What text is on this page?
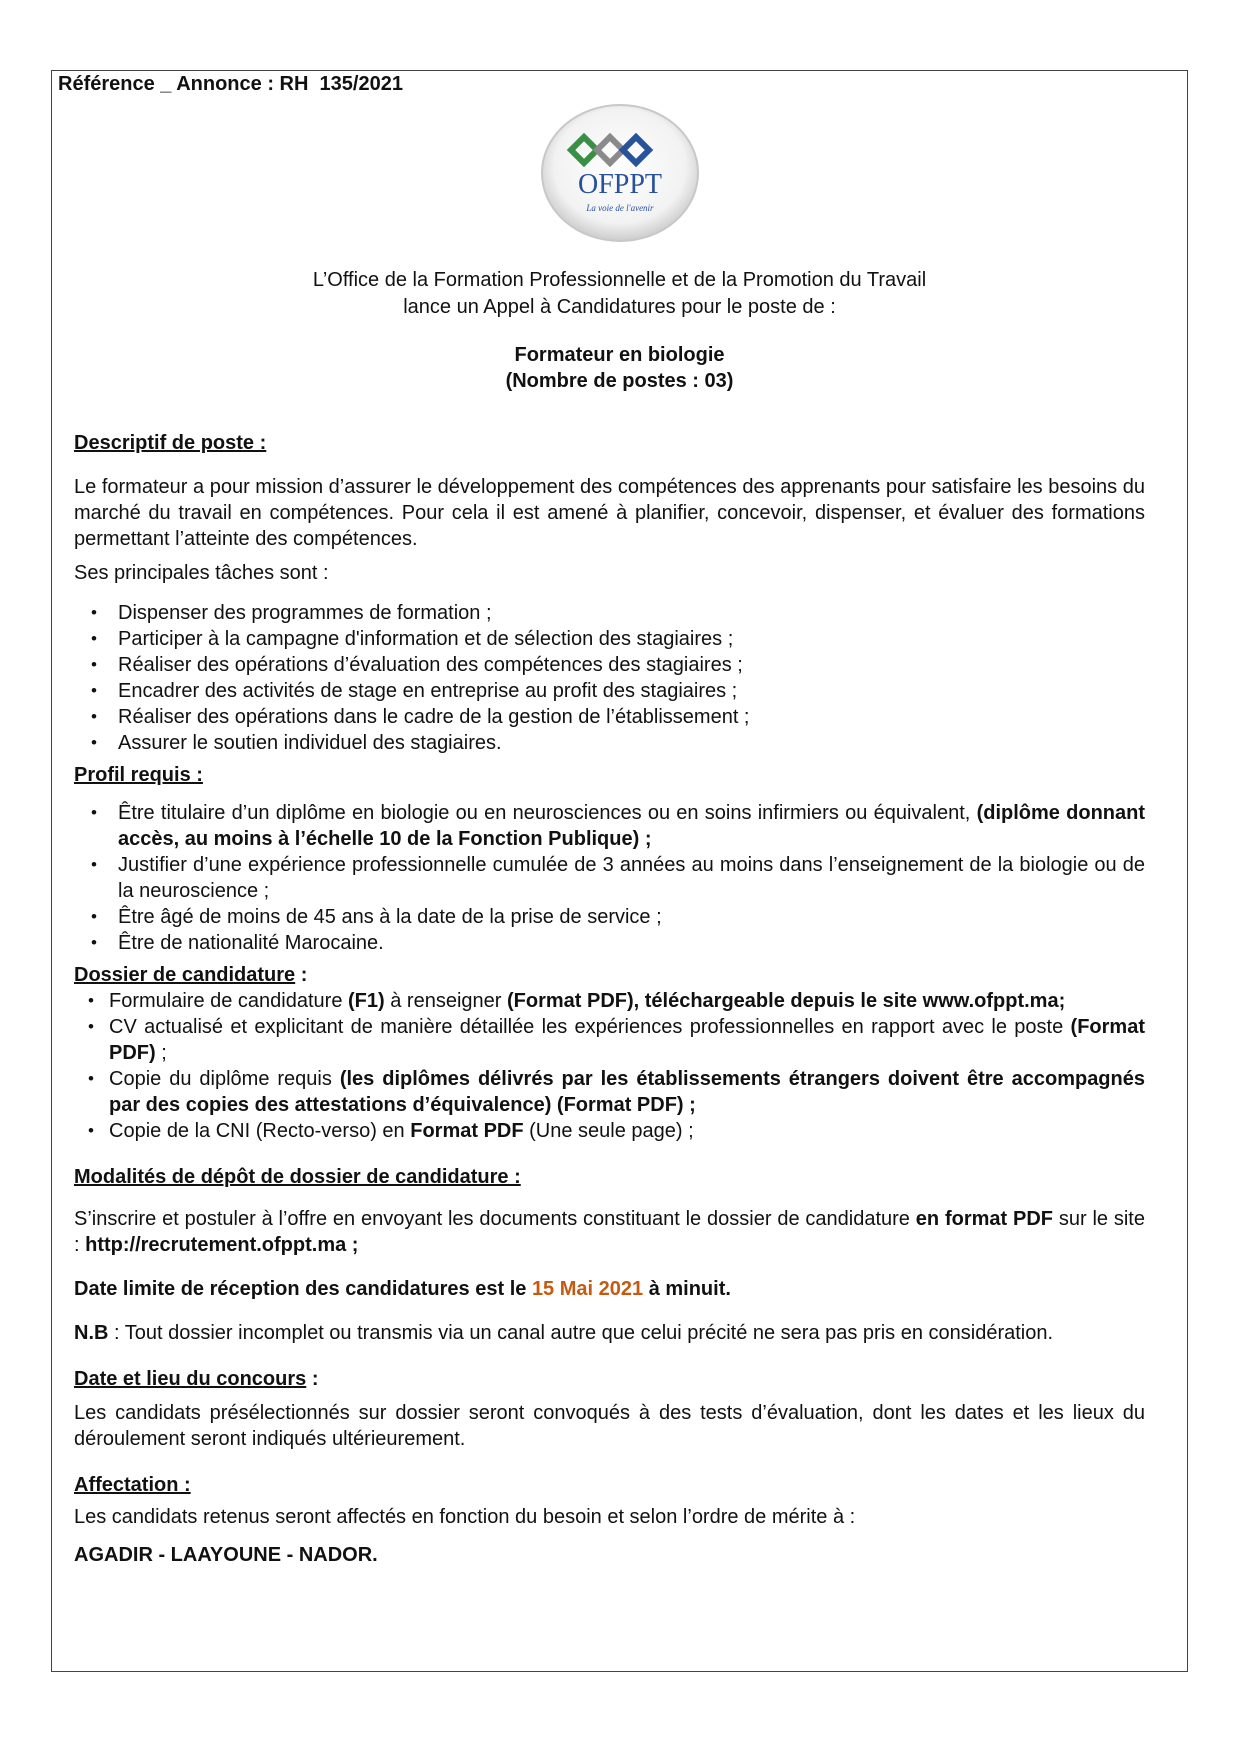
Référence _ Annonce : RH  135/2021
OFPPT
La voie de l'avenir
L’Office de la Formation Professionnelle et de la Promotion du Travail
lance un Appel à Candidatures pour le poste de :
Formateur en biologie
(Nombre de postes : 03)

Descriptif de poste :

Le formateur a pour mission d’assurer le développement des compétences des apprenants pour satisfaire les besoins du marché du travail en compétences. Pour cela il est amené à planifier, concevoir, dispenser, et évaluer des formations permettant l’atteinte des compétences.

Ses principales tâches sont :

• Dispenser des programmes de formation ;
• Participer à la campagne d'information et de sélection des stagiaires ;
• Réaliser des opérations d’évaluation des compétences des stagiaires ;
• Encadrer des activités de stage en entreprise au profit des stagiaires ;
• Réaliser des opérations dans le cadre de la gestion de l’établissement ;
• Assurer le soutien individuel des stagiaires.

Profil requis :

• Être titulaire d’un diplôme en biologie ou en neurosciences ou en soins infirmiers ou équivalent, (diplôme donnant accès, au moins à l’échelle 10 de la Fonction Publique) ;
• Justifier d’une expérience professionnelle cumulée de 3 années au moins dans l’enseignement de la biologie ou de la neuroscience ;
• Être âgé de moins de 45 ans à la date de la prise de service ;
• Être de nationalité Marocaine.

Dossier de candidature :

• Formulaire de candidature (F1) à renseigner (Format PDF), téléchargeable depuis le site www.ofppt.ma;
• CV actualisé et explicitant de manière détaillée les expériences professionnelles en rapport avec le poste (Format PDF) ;
• Copie du diplôme requis (les diplômes délivrés par les établissements étrangers doivent être accompagnés par des copies des attestations d’équivalence) (Format PDF) ;
• Copie de la CNI (Recto-verso) en Format PDF (Une seule page) ;

Modalités de dépôt de dossier de candidature :

S’inscrire et postuler à l’offre en envoyant les documents constituant le dossier de candidature en format PDF sur le site : http://recrutement.ofppt.ma ;

Date limite de réception des candidatures est le 15 Mai 2021 à minuit.

N.B : Tout dossier incomplet ou transmis via un canal autre que celui précité ne sera pas pris en considération.

Date et lieu du concours :

Les candidats présélectionnés sur dossier seront convoqués à des tests d’évaluation, dont les dates et les lieux du déroulement seront indiqués ultérieurement.

Affectation :

Les candidats retenus seront affectés en fonction du besoin et selon l’ordre de mérite à :

AGADIR - LAAYOUNE - NADOR.
